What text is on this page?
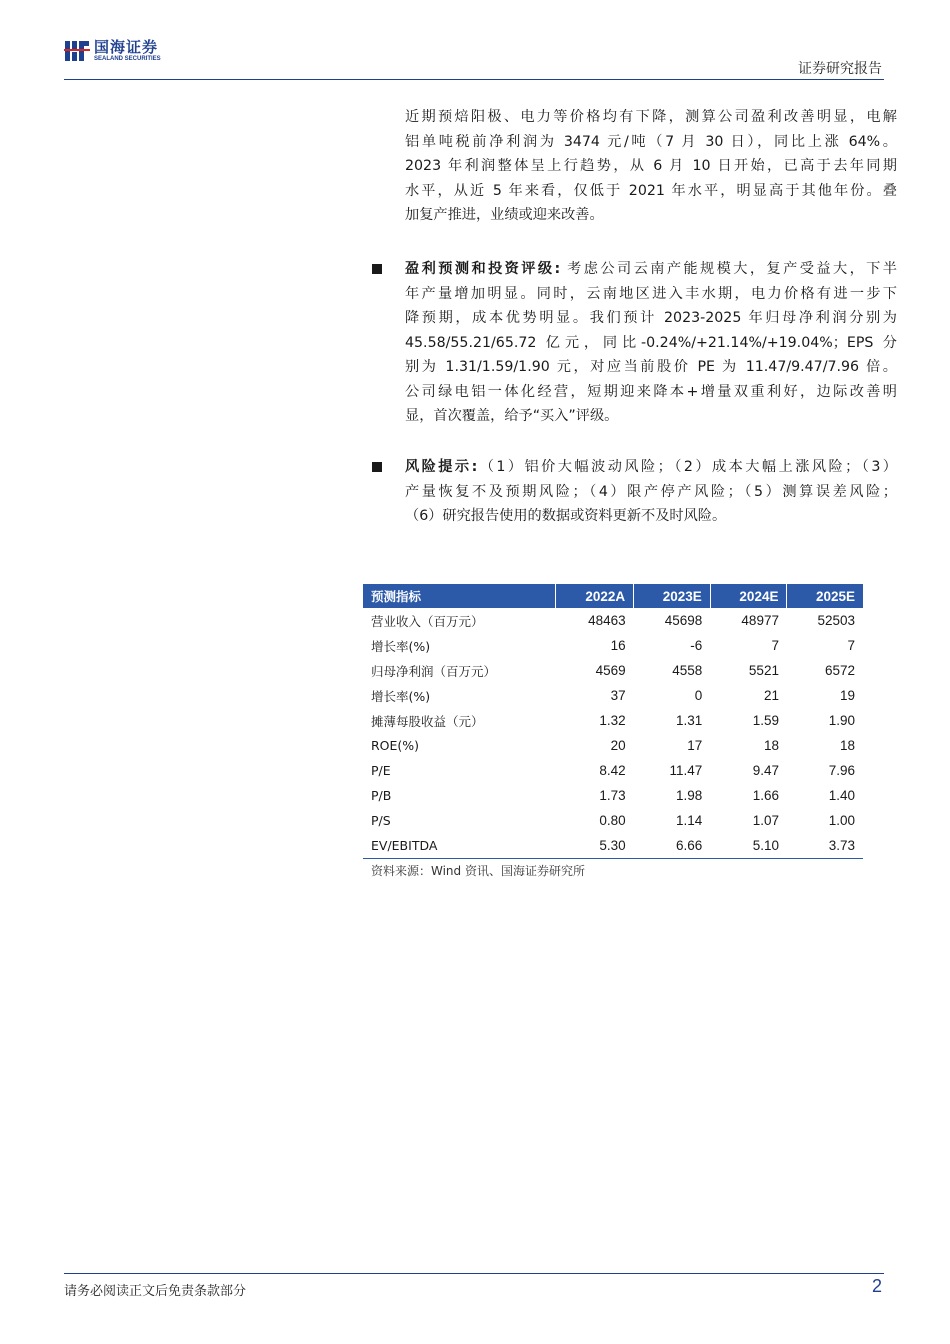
国海证券
SEALAND SECURITIES
证券研究报告
近期预焙阳极、电力等价格均有下降，测算公司盈利改善明显，电解
铝单吨税前净利润为 3474 元/吨（7 月 30 日），同比上涨 64%。
2023 年利润整体呈上行趋势，从 6 月 10 日开始，已高于去年同期
水平，从近 5 年来看，仅低于 2021 年水平，明显高于其他年份。叠
加复产推进，业绩或迎来改善。
盈利预测和投资评级: 考虑公司云南产能规模大，复产受益大，下半
年产量增加明显。同时，云南地区进入丰水期，电力价格有进一步下
降预期，成本优势明显。我们预计 2023-2025 年归母净利润分别为
45.58/55.21/65.72 亿元，同比-0.24%/+21.14%/+19.04%；EPS 分
别为 1.31/1.59/1.90 元，对应当前股价 PE 为 11.47/9.47/7.96 倍。
公司绿电铝一体化经营，短期迎来降本+增量双重利好，边际改善明
显，首次覆盖，给予“买入”评级。
风险提示:（1）铝价大幅波动风险；（2）成本大幅上涨风险；（3）
产量恢复不及预期风险；（4）限产停产风险；（5）测算误差风险；
（6）研究报告使用的数据或资料更新不及时风险。
预测指标	2022A	2023E	2024E	2025E
营业收入（百万元）	48463	45698	48977	52503
增长率(%)	16	-6	7	7
归母净利润（百万元）	4569	4558	5521	6572
增长率(%)	37	0	21	19
摊薄每股收益（元）	1.32	1.31	1.59	1.90
ROE(%)	20	17	18	18
P/E	8.42	11.47	9.47	7.96
P/B	1.73	1.98	1.66	1.40
P/S	0.80	1.14	1.07	1.00
EV/EBITDA	5.30	6.66	5.10	3.73
资料来源：Wind 资讯、国海证券研究所
请务必阅读正文后免责条款部分	2
